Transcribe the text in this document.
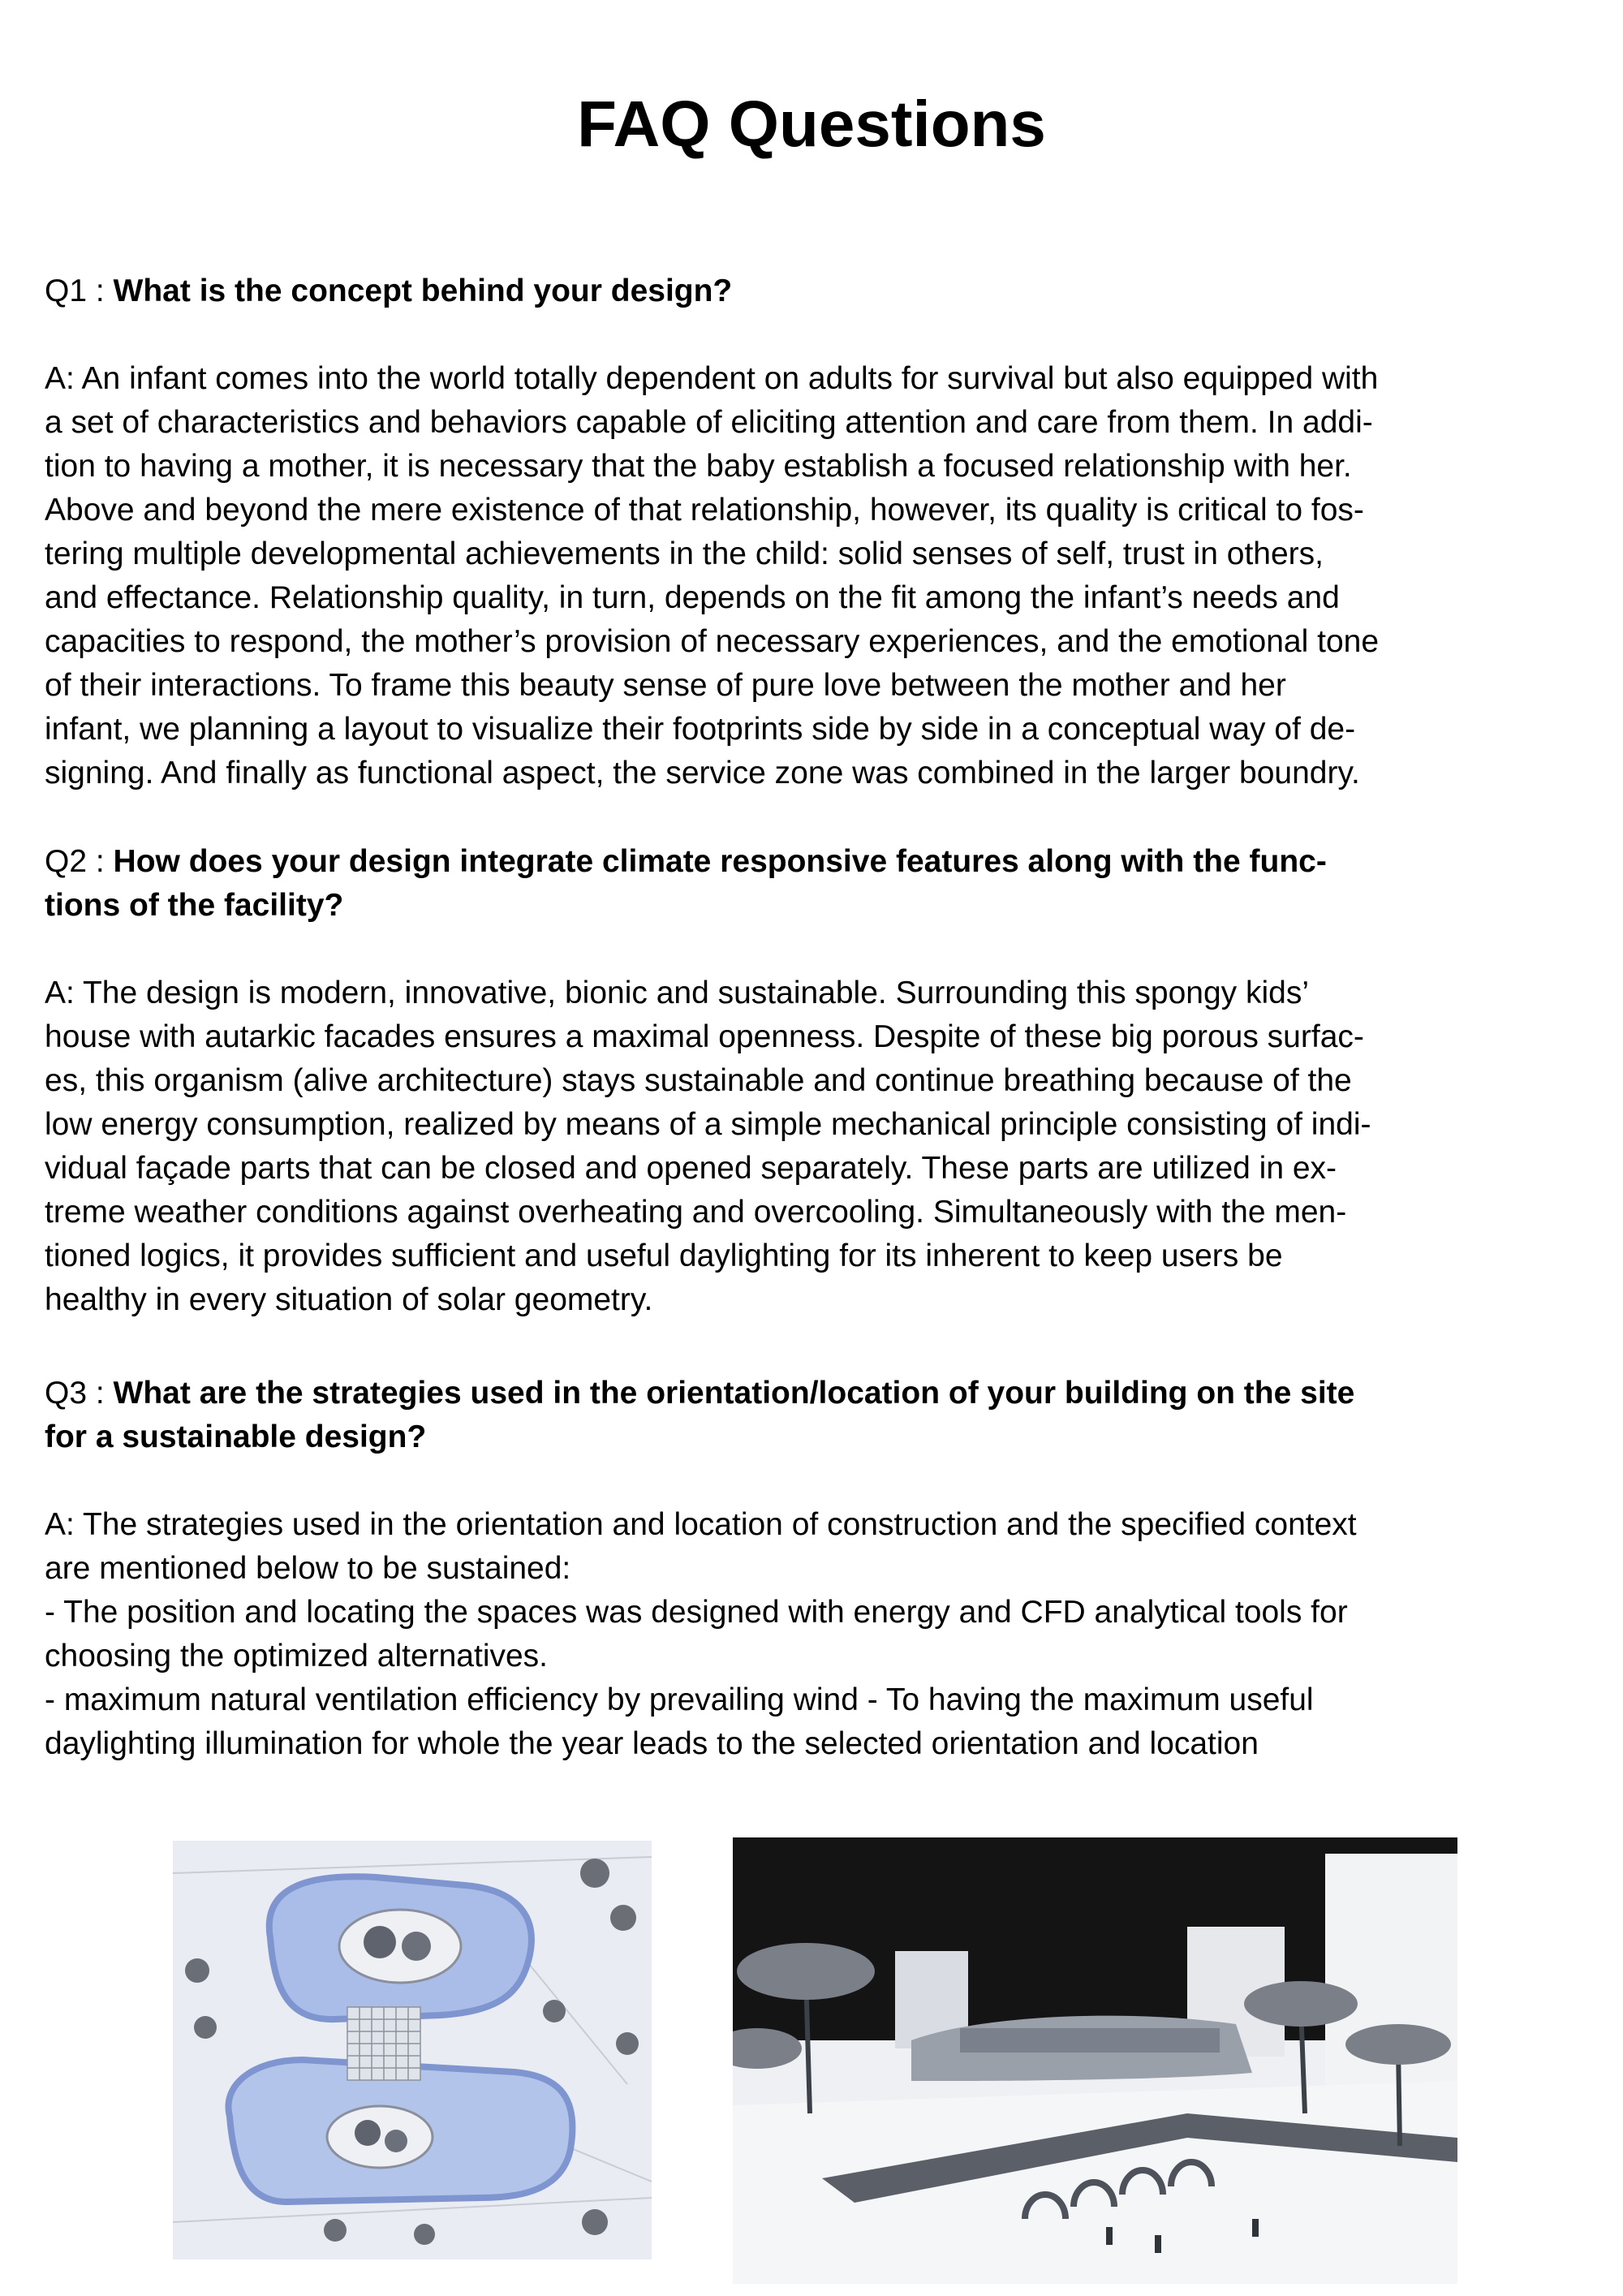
FAQ Questions
Q1 : What is the concept behind your design?
A: An infant comes into the world totally dependent on adults for survival but also equipped with
a set of characteristics and behaviors capable of eliciting attention and care from them. In addi-
tion to having a mother, it is necessary that the baby establish a focused relationship with her.
Above and beyond the mere existence of that relationship, however, its quality is critical to fos-
tering multiple developmental achievements in the child: solid senses of self, trust in others,
and effectance. Relationship quality, in turn, depends on the fit among the infant’s needs and
capacities to respond, the mother’s provision of necessary experiences, and the emotional tone
of their interactions. To frame this beauty sense of pure love between the mother and her
infant, we planning a layout to visualize their footprints side by side in a conceptual way of de-
signing. And finally as functional aspect, the service zone was combined in the larger boundry.
Q2 : How does your design integrate climate responsive features along with the func-
tions of the facility?
A: The design is modern, innovative, bionic and sustainable. Surrounding this spongy kids’
house with autarkic facades ensures a maximal openness. Despite of these big porous surfac-
es, this organism (alive architecture) stays sustainable and continue breathing because of the
low energy consumption, realized by means of a simple mechanical principle consisting of indi-
vidual façade parts that can be closed and opened separately. These parts are utilized in ex-
treme weather conditions against overheating and overcooling. Simultaneously with the men-
tioned logics, it provides sufficient and useful daylighting for its inherent to keep users be
healthy in every situation of solar geometry.
Q3 : What are the strategies used in the orientation/location of your building on the site
for a sustainable design?
A: The strategies used in the orientation and location of construction and the specified context
are mentioned below to be sustained:
- The position and locating the spaces was designed with energy and CFD analytical tools for
choosing the optimized alternatives.
- maximum natural ventilation efficiency by prevailing wind - To having the maximum useful
daylighting illumination for whole the year leads to the selected orientation and location
